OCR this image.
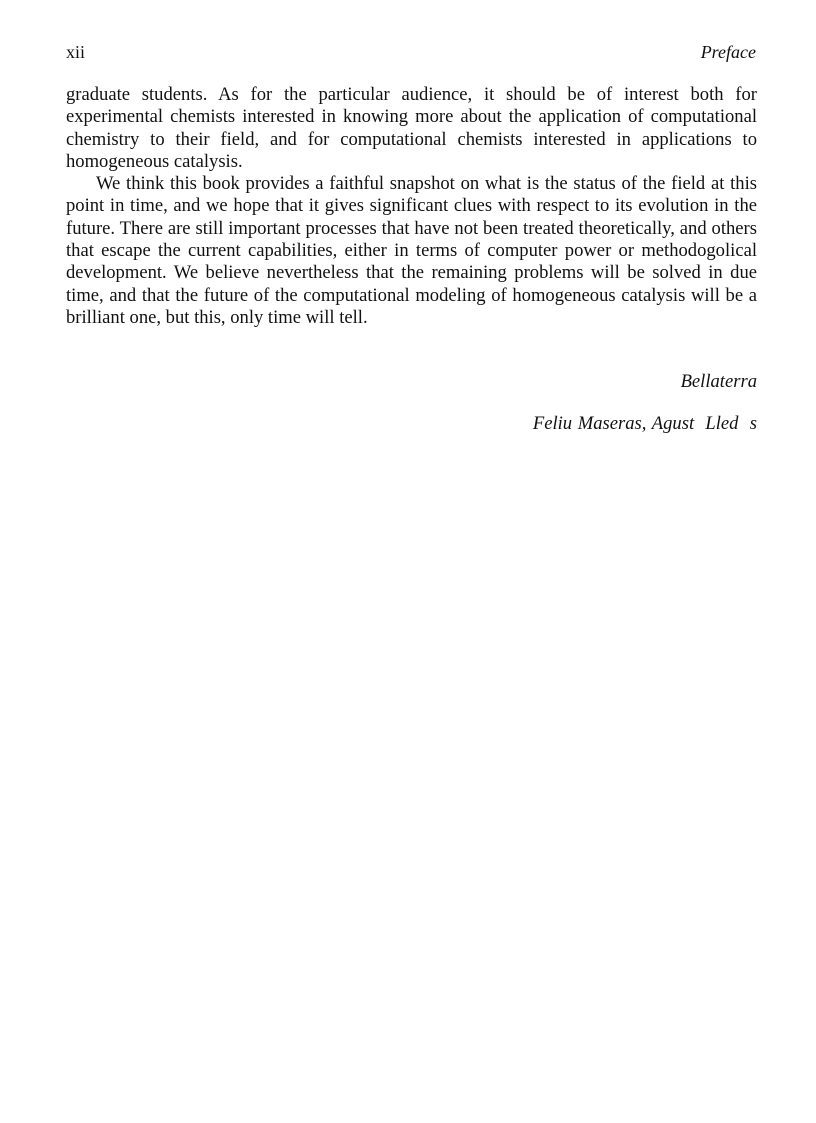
xii	Preface

graduate students. As for the particular audience, it should be of interest both for experimental chemists interested in knowing more about the application of computational chemistry to their field, and for computational chemists interested in applications to homogeneous catalysis.

We think this book provides a faithful snapshot on what is the status of the field at this point in time, and we hope that it gives significant clues with respect to its evolution in the future. There are still important processes that have not been treated theoretically, and others that escape the current capabilities, either in terms of computer power or methodogolical development. We believe nevertheless that the remaining problems will be solved in due time, and that the future of the computational modeling of homogeneous catalysis will be a brilliant one, but this, only time will tell.

Bellaterra
Feliu Maseras, Agust  Lled  s
